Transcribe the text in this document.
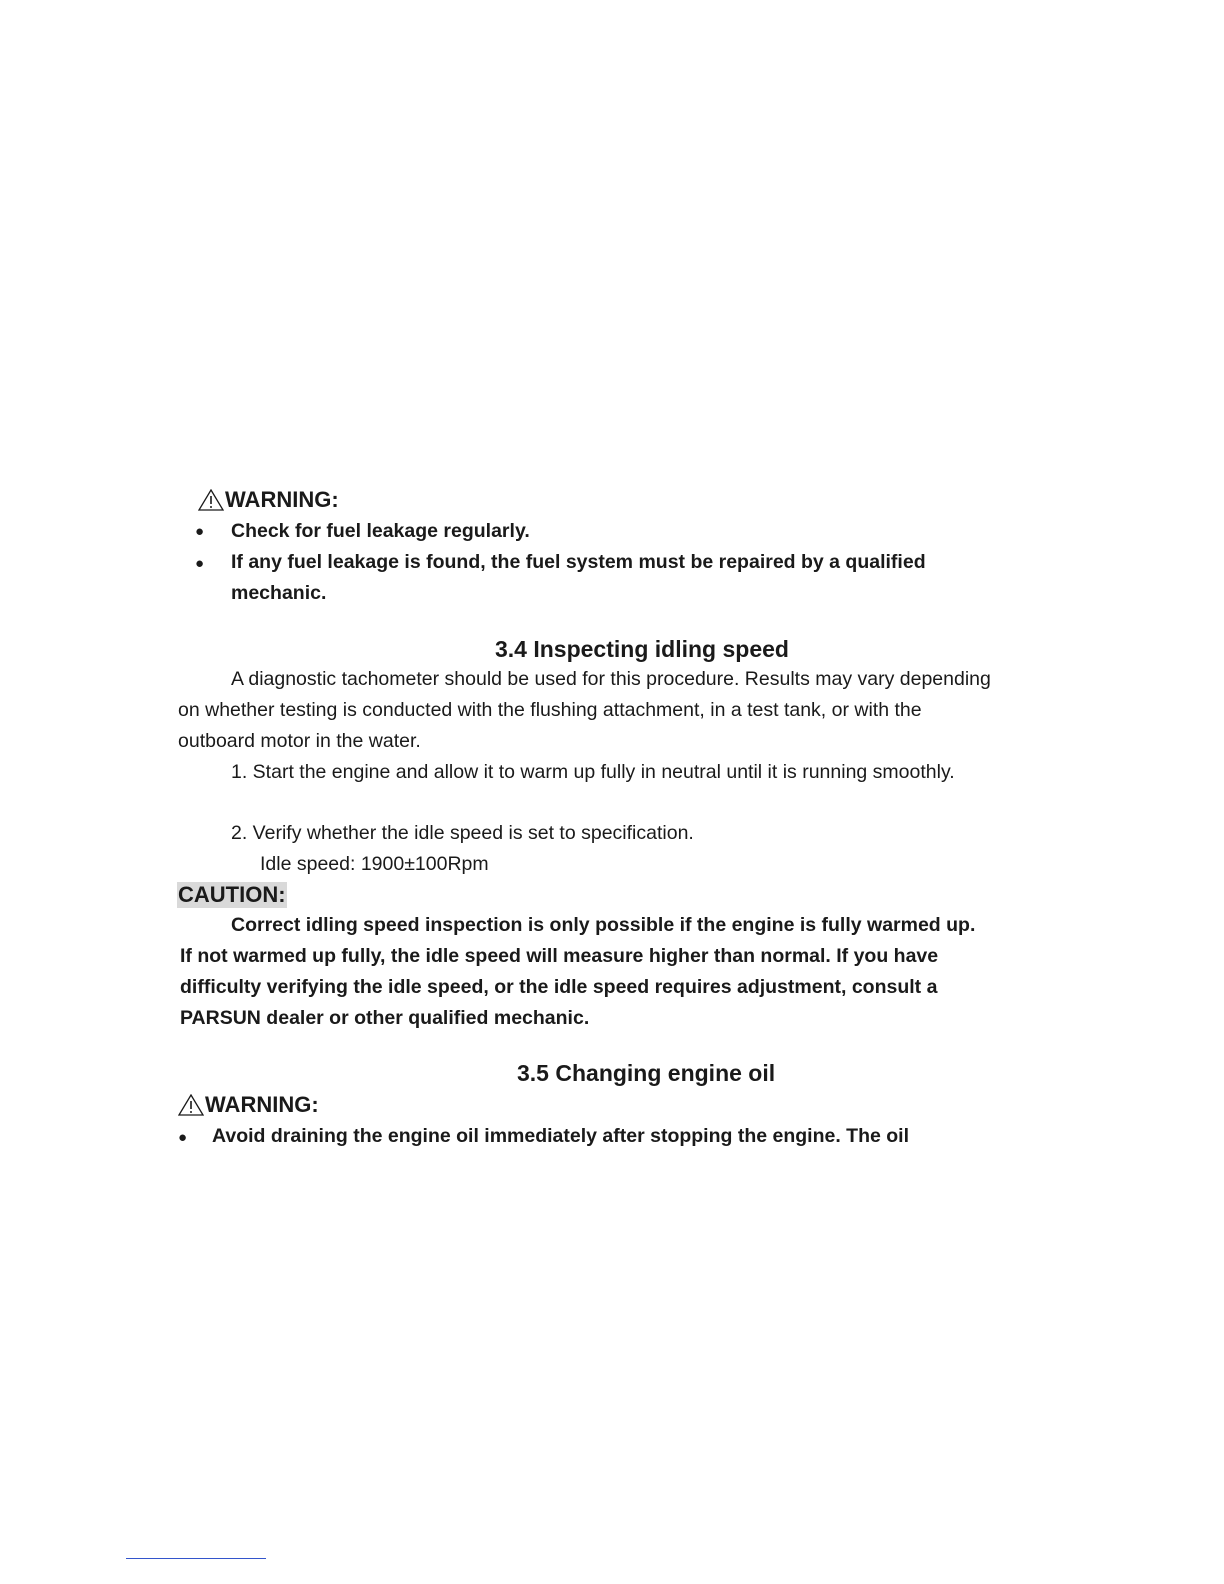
WARNING:
● Check for fuel leakage regularly.
● If any fuel leakage is found, the fuel system must be repaired by a qualified
mechanic.
3.4 Inspecting idling speed
A diagnostic tachometer should be used for this procedure. Results may vary depending
on whether testing is conducted with the flushing attachment, in a test tank, or with the
outboard motor in the water.
1. Start the engine and allow it to warm up fully in neutral until it is running smoothly.
2. Verify whether the idle speed is set to specification.
Idle speed: 1900±100Rpm
CAUTION:
Correct idling speed inspection is only possible if the engine is fully warmed up.
If not warmed up fully, the idle speed will measure higher than normal. If you have
difficulty verifying the idle speed, or the idle speed requires adjustment, consult a
PARSUN dealer or other qualified mechanic.
3.5 Changing engine oil
WARNING:
● Avoid draining the engine oil immediately after stopping the engine. The oil
